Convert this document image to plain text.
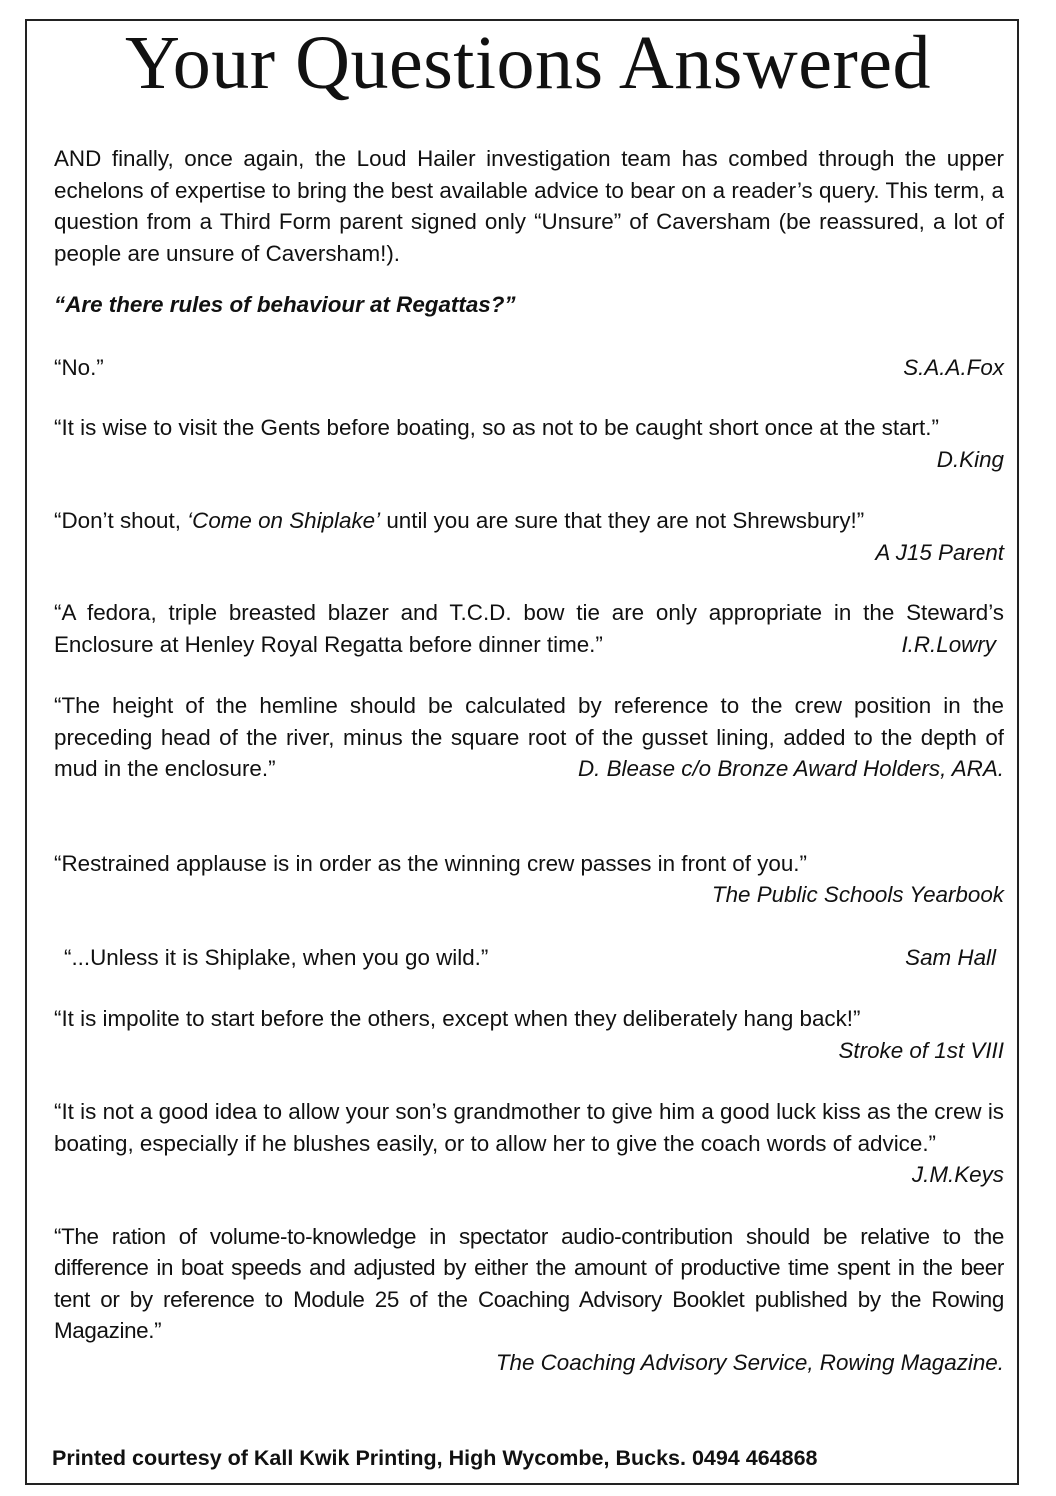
Your Questions Answered

AND finally, once again, the Loud Hailer investigation team has combed through the upper echelons of expertise to bring the best available advice to bear on a reader’s query. This term, a question from a Third Form parent signed only “Unsure” of Caversham (be reassured, a lot of people are unsure of Caversham!).

“Are there rules of behaviour at Regattas?”

S.A.A.Fox
“No.”
“It is wise to visit the Gents before boating, so as not to be caught short once at the start.”
D.King

“Don’t shout, ‘Come on Shiplake’ until you are sure that they are not Shrewsbury!”

A J15 Parent

“A fedora, triple breasted blazer and T.C.D. bow tie are only appropriate in the Steward’s Enclosure at Henley Royal Regatta before dinner time.”	I.R.Lowry
“The height of the hemline should be calculated by reference to the crew position in the preceding head of the river, minus the square root of the gusset lining, added to the depth of mud in the enclosure.”	D. Blease c/o Bronze Award Holders, ARA.

“Restrained applause is in order as the winning crew passes in front of you.”

The Public Schools Yearbook

Sam Hall
“...Unless it is Shiplake, when you go wild.”

“It is impolite to start before the others, except when they deliberately hang back!”

Stroke of 1st VIII

“It is not a good idea to allow your son’s grandmother to give him a good luck kiss as the crew is boating, especially if he blushes easily, or to allow her to give the coach words of advice.”
J.M.Keys

“The ration of volume-to-knowledge in spectator audio-contribution should be relative to the difference in boat speeds and adjusted by either the amount of productive time spent in the beer tent or by reference to Module 25 of the Coaching Advisory Booklet published by the Rowing Magazine.”

The Coaching Advisory Service, Rowing Magazine.

Printed courtesy of Kall Kwik Printing, High Wycombe, Bucks. 0494 464868
